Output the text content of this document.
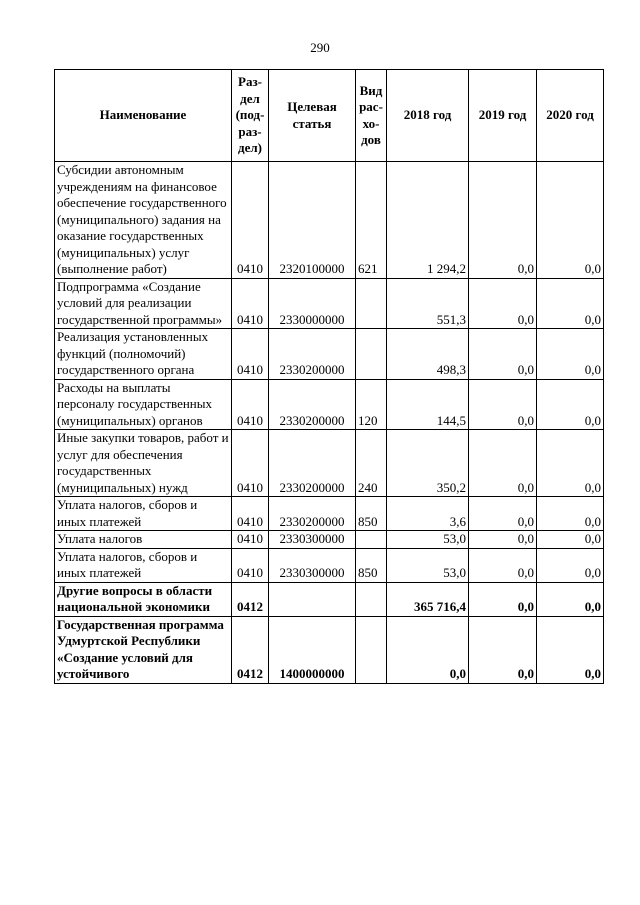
290
Наименование	Раз-дел (под-раз-дел)	Целевая статья	Вид рас-хо-дов	2018 год	2019 год	2020 год
Субсидии автономным учреждениям на финансовое обеспечение государственного (муниципального) задания на оказание государственных (муниципальных) услуг (выполнение работ)	0410	2320100000	621	1 294,2	0,0	0,0
Подпрограмма «Создание условий для реализации государственной программы»	0410	2330000000		551,3	0,0	0,0
Реализация установленных функций (полномочий) государственного органа	0410	2330200000		498,3	0,0	0,0
Расходы на выплаты персоналу государственных (муниципальных) органов	0410	2330200000	120	144,5	0,0	0,0
Иные закупки товаров, работ и услуг для обеспечения государственных (муниципальных) нужд	0410	2330200000	240	350,2	0,0	0,0
Уплата налогов, сборов и иных платежей	0410	2330200000	850	3,6	0,0	0,0
Уплата налогов	0410	2330300000		53,0	0,0	0,0
Уплата налогов, сборов и иных платежей	0410	2330300000	850	53,0	0,0	0,0
Другие вопросы в области национальной экономики	0412			365 716,4	0,0	0,0
Государственная программа Удмуртской Республики «Создание условий для устойчивого	0412	1400000000		0,0	0,0	0,0
